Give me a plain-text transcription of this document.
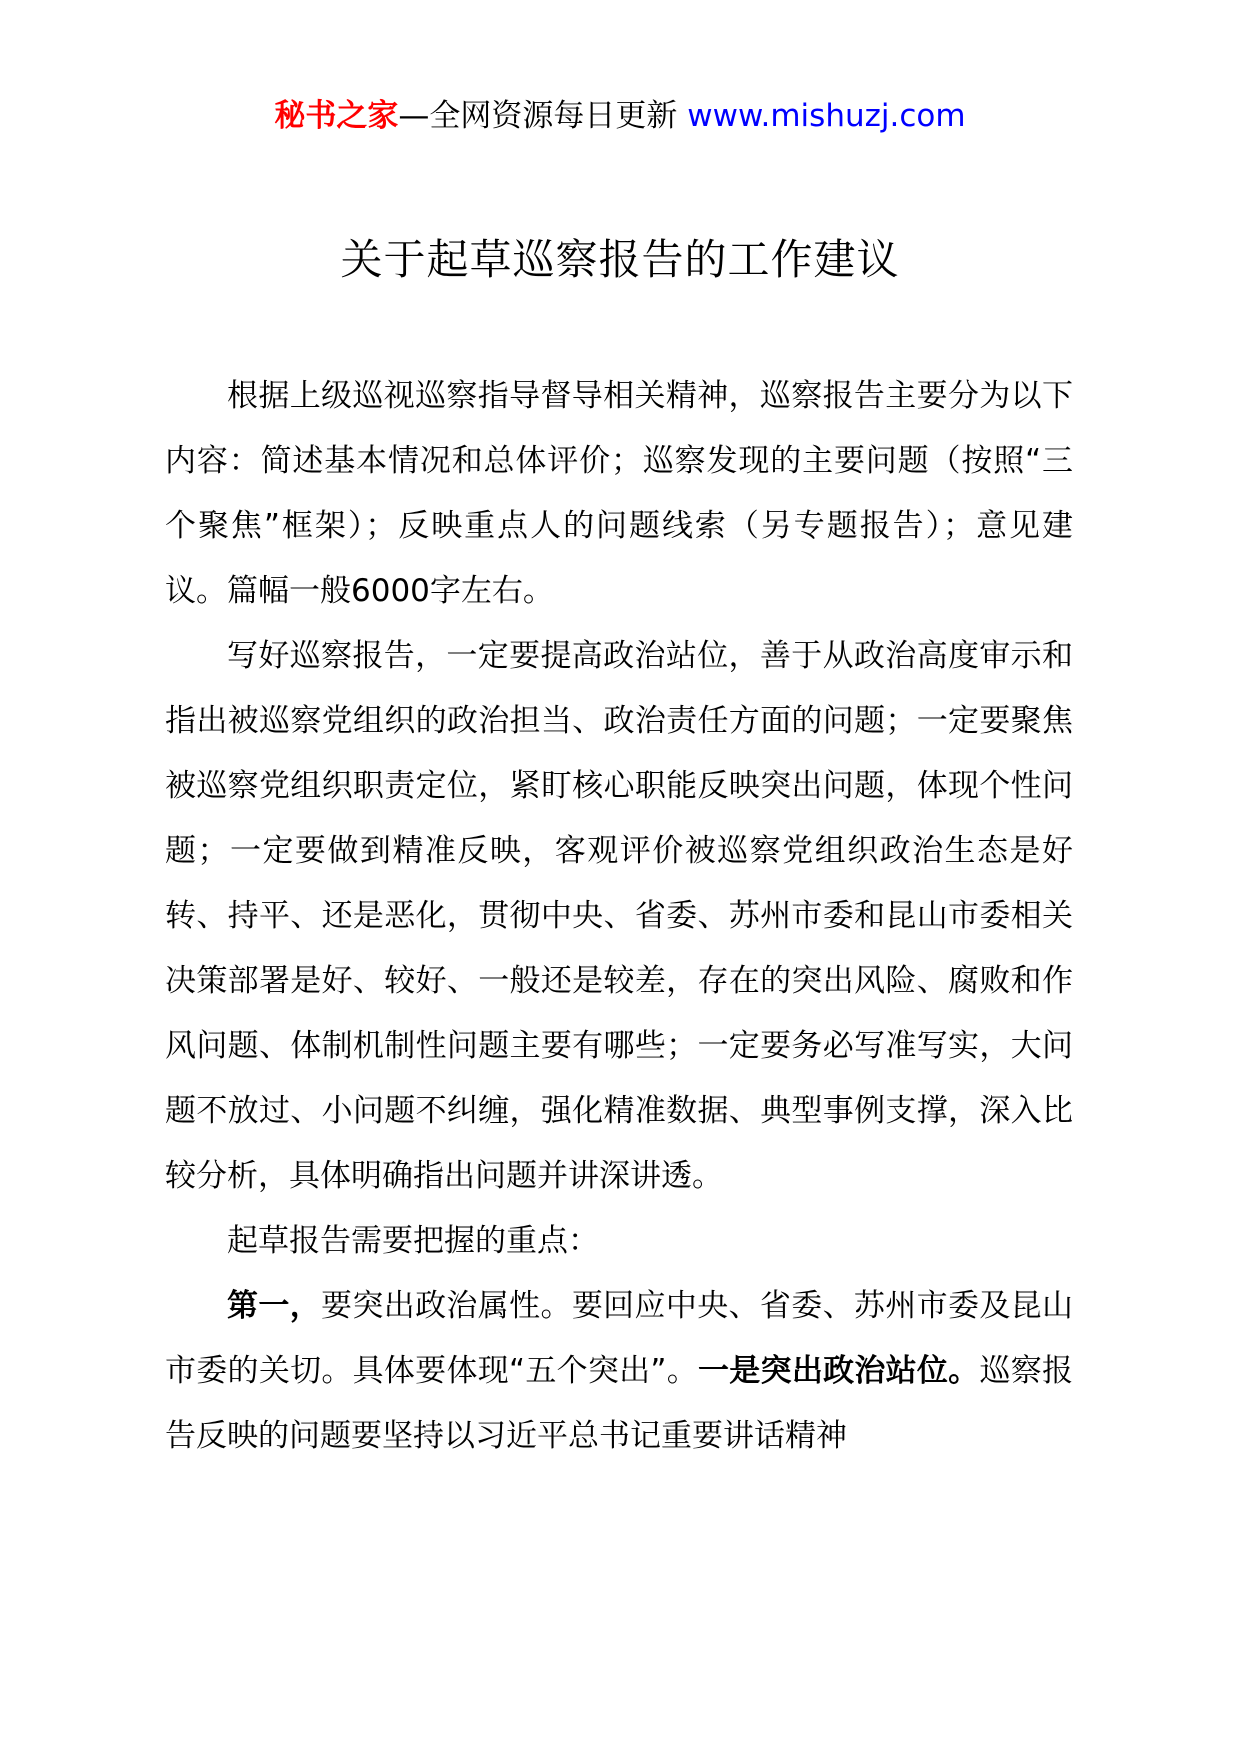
秘书之家—全网资源每日更新 www.mishuzj.com
关于起草巡察报告的工作建议

根据上级巡视巡察指导督导相关精神，巡察报告主要分为以下内容：简述基本情况和总体评价；巡察发现的主要问题（按照“三个聚焦”框架）；反映重点人的问题线索（另专题报告）；意见建议。篇幅一般6000字左右。

写好巡察报告，一定要提高政治站位，善于从政治高度审示和指出被巡察党组织的政治担当、政治责任方面的问题；一定要聚焦被巡察党组织职责定位，紧盯核心职能反映突出问题，体现个性问题；一定要做到精准反映，客观评价被巡察党组织政治生态是好转、持平、还是恶化，贯彻中央、省委、苏州市委和昆山市委相关决策部署是好、较好、一般还是较差，存在的突出风险、腐败和作风问题、体制机制性问题主要有哪些；一定要务必写准写实，大问题不放过、小问题不纠缠，强化精准数据、典型事例支撑，深入比较分析，具体明确指出问题并讲深讲透。

起草报告需要把握的重点：

第一，要突出政治属性。要回应中央、省委、苏州市委及昆山市委的关切。具体要体现“五个突出”。一是突出政治站位。巡察报告反映的问题要坚持以习近平总书记重要讲话精神
